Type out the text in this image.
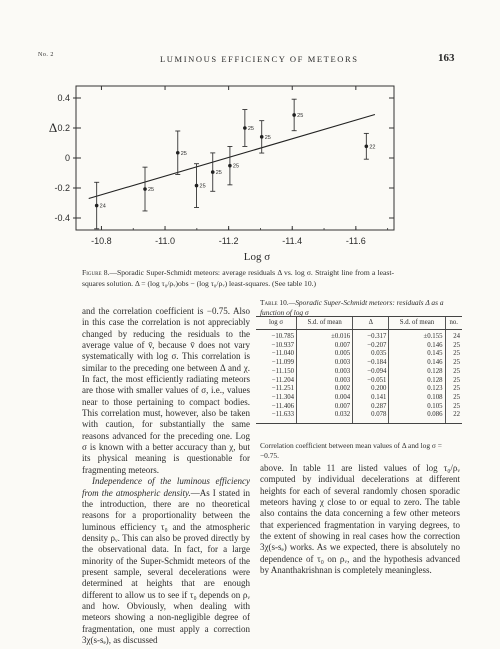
No. 2	LUMINOUS EFFICIENCY OF METEORS	163
-10.8	-11.0	-11.2	-11.4	-11.6
0.4
0.2
0
-0.2
-0.4
24
25
25
25
25
25
25
25
25
22
Log σ
Δ
Figure 8.—Sporadic Super-Schmidt meteors: average residuals Δ vs. log σ. Straight line from a least-squares solution. Δ = (log τ₀/ρᵥ)obs − (log τ₀/ρᵥ) least-squares. (See table 10.)

and the correlation coefficient is −0.75. Also in this case the correlation is not appreciably changed by reducing the residuals to the average value of v̄, because v̄ does not vary systematically with log σ. This correlation is similar to the preceding one between Δ and χ. In fact, the most efficiently radiating meteors are those with smaller values of σ, i.e., values near to those pertaining to compact bodies. This correlation must, however, also be taken with caution, for substantially the same reasons advanced for the preceding one. Log σ is known with a better accuracy than χ, but its physical meaning is questionable for fragmenting meteors.

Independence of the luminous efficiency from the atmospheric density.—As I stated in the introduction, there are no theoretical reasons for a proportionality between the luminous efficiency τ₀ and the atmospheric density ρᵥ. This can also be proved directly by the observational data. In fact, for a large minority of the Super-Schmidt meteors of the present sample, several decelerations were determined at heights that are enough different to allow us to see if τ₀ depends on ρᵥ and how. Obviously, when dealing with meteors showing a non-negligible degree of fragmentation, one must apply a correction 3χ(s-sₑ), as discussed

Table 10.—Sporadic Super-Schmidt meteors: residuals Δ as a function of log σ
log σ	S.d. of mean	Δ	S.d. of mean	no.
−10.785	±0.016	−0.317	±0.155	24
−10.937	0.007	−0.207	0.146	25
−11.040	0.005	0.035	0.145	25
−11.099	0.003	−0.184	0.146	25
−11.150	0.003	−0.094	0.128	25
−11.204	0.003	−0.051	0.128	25
−11.251	0.002	0.200	0.123	25
−11.304	0.004	0.141	0.108	25
−11.406	0.007	0.287	0.105	25
−11.633	0.032	0.078	0.086	22
Correlation coefficient between mean values of Δ and log σ = −0.75.

above. In table 11 are listed values of log τ₀/ρᵥ computed by individual decelerations at different heights for each of several randomly chosen sporadic meteors having χ close to or equal to zero. The table also contains the data concerning a few other meteors that experienced fragmentation in varying degrees, to the extent of showing in real cases how the correction 3χ(s-sₑ) works. As we expected, there is absolutely no dependence of τ₀ on ρᵥ, and the hypothesis advanced by Ananthakrishnan is completely meaningless.
